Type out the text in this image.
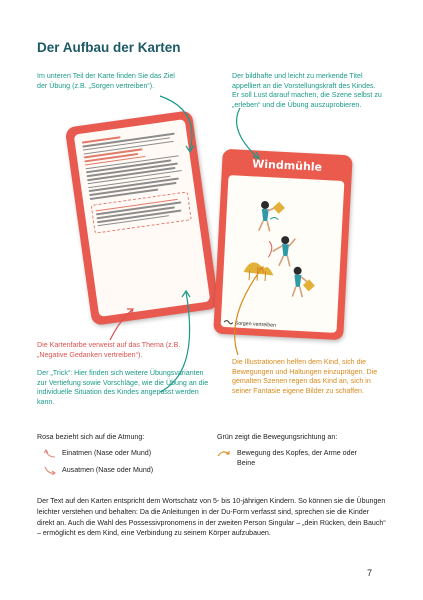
Der Aufbau der Karten
Im unteren Teil der Karte finden Sie das Ziel der Übung (z.B. „Sorgen vertreiben“).
Der bildhafte und leicht zu merkende Titel appelliert an die Vorstellungskraft des Kindes. Er soll Lust darauf machen, die Szene selbst zu „erleben“ und die Übung auszuprobieren.
Windmühle
Sorgen vertreiben
Die Kartenfarbe verweist auf das Thema (z.B. „Negative Gedanken vertreiben“).
Der „Trick“: Hier finden sich weitere Übungsvarianten zur Vertiefung sowie Vorschläge, wie die Übung an die individuelle Situation des Kindes angepasst werden kann.
Die Illustrationen helfen dem Kind, sich die Bewegungen und Haltungen einzuprägen. Die gemalten Szenen regen das Kind an, sich in seiner Fantasie eigene Bilder zu schaffen.
Rosa bezieht sich auf die Atmung:
Einatmen (Nase oder Mund)
Ausatmen (Nase oder Mund)
Grün zeigt die Bewegungsrichtung an:
Bewegung des Kopfes, der Arme oder Beine
Der Text auf den Karten entspricht dem Wortschatz von 5- bis 10-jährigen Kindern. So können sie die Übungen leichter verstehen und behalten: Da die Anleitungen in der Du-Form verfasst sind, sprechen sie die Kinder direkt an. Auch die Wahl des Possessivpronomens in der zweiten Person Singular – „dein Rücken, dein Bauch“ – ermöglicht es dem Kind, eine Verbindung zu seinem Körper aufzubauen.
7
